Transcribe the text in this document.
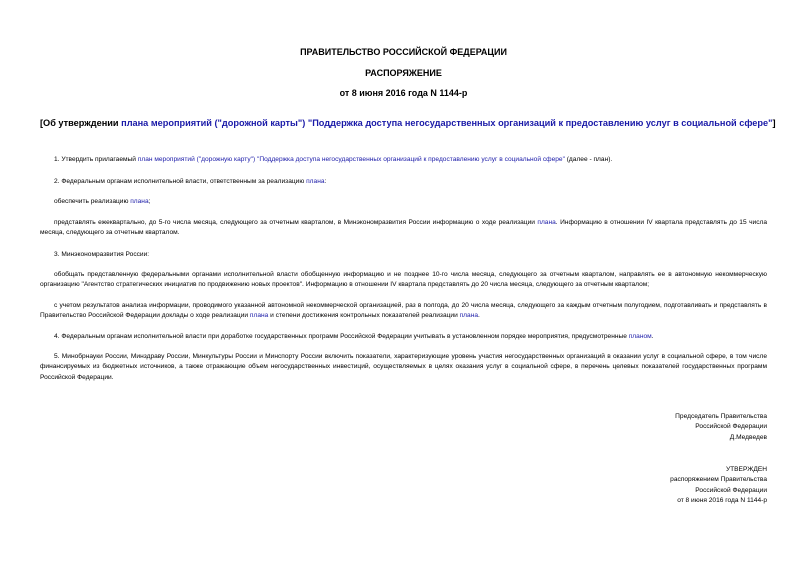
ПРАВИТЕЛЬСТВО РОССИЙСКОЙ ФЕДЕРАЦИИ
РАСПОРЯЖЕНИЕ
от 8 июня 2016 года N 1144-р
[Об утверждении плана мероприятий ("дорожной карты") "Поддержка доступа негосударственных организаций к предоставлению услуг в социальной сфере"]

1. Утвердить прилагаемый план мероприятий ("дорожную карту") "Поддержка доступа негосударственных организаций к предоставлению услуг в социальной сфере" (далее - план).

2. Федеральным органам исполнительной власти, ответственным за реализацию плана:

обеспечить реализацию плана;

представлять ежеквартально, до 5-го числа месяца, следующего за отчетным кварталом, в Минэкономразвития России информацию о ходе реализации плана. Информацию в отношении IV квартала представлять до 15 числа месяца, следующего за отчетным кварталом.

3. Минэкономразвития России:

обобщать представленную федеральными органами исполнительной власти обобщенную информацию и не позднее 10-го числа месяца, следующего за отчетным кварталом, направлять ее в автономную некоммерческую организацию "Агентство стратегических инициатив по продвижению новых проектов". Информацию в отношении IV квартала представлять до 20 числа месяца, следующего за отчетным кварталом;

с учетом результатов анализа информации, проводимого указанной автономной некоммерческой организацией, раз в полгода, до 20 числа месяца, следующего за каждым отчетным полугодием, подготавливать и представлять в Правительство Российской Федерации доклады о ходе реализации плана и степени достижения контрольных показателей реализации плана.

4. Федеральным органам исполнительной власти при доработке государственных программ Российской Федерации учитывать в установленном порядке мероприятия, предусмотренные планом.

5. Минобрнауки России, Минздраву России, Минкультуры России и Минспорту России включить показатели, характеризующие уровень участия негосударственных организаций в оказании услуг в социальной сфере, в том числе финансируемых из бюджетных источников, а также отражающие объем негосударственных инвестиций, осуществляемых в целях оказания услуг в социальной сфере, в перечень целевых показателей государственных программ Российской Федерации.

Председатель Правительства
Российской Федерации
Д.Медведев
УТВЕРЖДЕН
распоряжением Правительства
Российской Федерации
от 8 июня 2016 года N 1144-р
